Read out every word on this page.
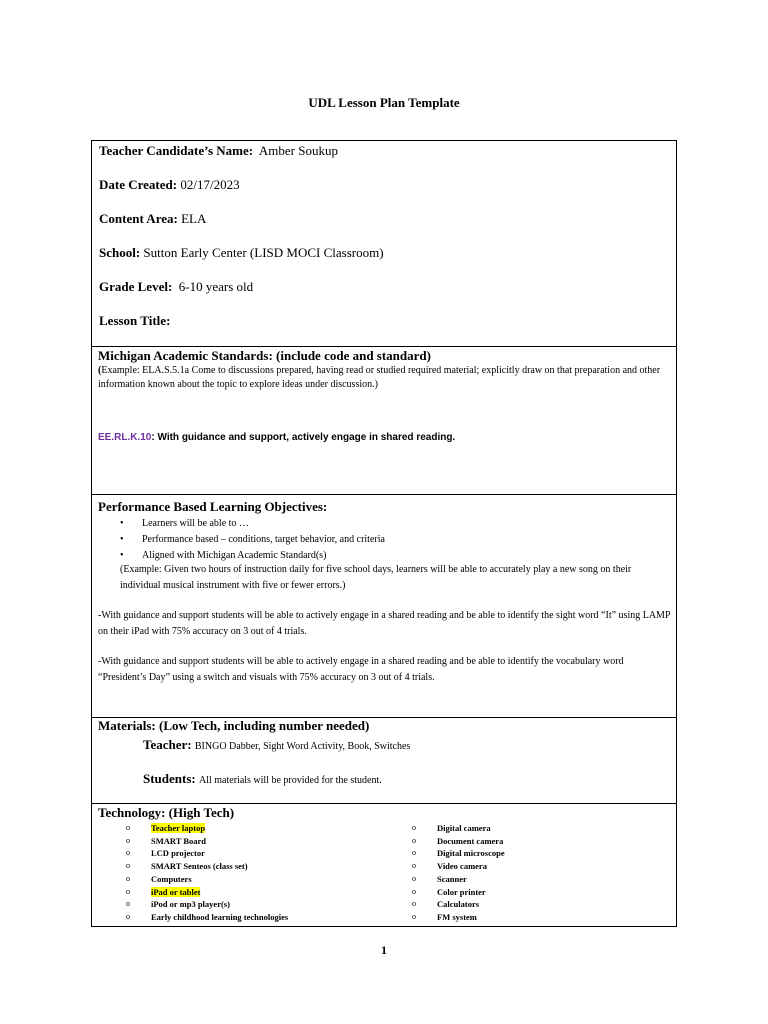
UDL Lesson Plan Template
Teacher Candidate’s Name: Amber Soukup
Date Created: 02/17/2023
Content Area: ELA
School: Sutton Early Center (LISD MOCI Classroom)
Grade Level: 6-10 years old
Lesson Title:
Michigan Academic Standards: (include code and standard)
(Example: ELA.S.5.1a Come to discussions prepared, having read or studied required material; explicitly draw on that preparation and other information known about the topic to explore ideas under discussion.)
EE.RL.K.10: With guidance and support, actively engage in shared reading.
Performance Based Learning Objectives:
• Learners will be able to …
• Performance based – conditions, target behavior, and criteria
• Aligned with Michigan Academic Standard(s)
(Example: Given two hours of instruction daily for five school days, learners will be able to accurately play a new song on their individual musical instrument with five or fewer errors.)
-With guidance and support students will be able to actively engage in a shared reading and be able to identify the sight word “It” using LAMP on their iPad with 75% accuracy on 3 out of 4 trials.
-With guidance and support students will be able to actively engage in a shared reading and be able to identify the vocabulary word “President’s Day” using a switch and visuals with 75% accuracy on 3 out of 4 trials.
Materials: (Low Tech, including number needed)
Teacher: BINGO Dabber, Sight Word Activity, Book, Switches
Students: All materials will be provided for the student.
Technology: (High Tech)
o Teacher laptop
o SMART Board
o LCD projector
o SMART Senteos (class set)
o Computers
o iPad or tablet
o iPod or mp3 player(s)
o Early childhood learning technologies
o Digital camera
o Document camera
o Digital microscope
o Video camera
o Scanner
o Color printer
o Calculators
o FM system
1
